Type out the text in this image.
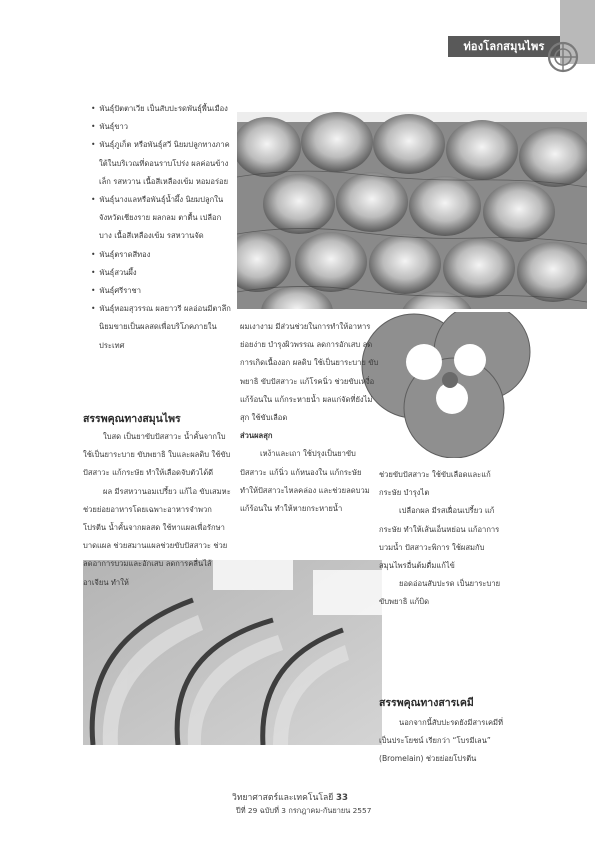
ท่องโลกสมุนไพร

• พันธุ์ปัตตาเวีย เป็นสับปะรดพันธุ์พื้นเมือง

• พันธุ์ขาว

• พันธุ์ภูเก็ต หรือพันธุ์สวี นิยมปลูกทางภาคใต้ในบริเวณที่ดอนราบโปร่ง ผลค่อนข้างเล็ก รสหวาน เนื้อสีเหลืองเข้ม หอมอร่อย

• พันธุ์นางแลหรือพันธุ์น้ำผึ้ง นิยมปลูกในจังหวัดเชียงราย ผลกลม ตาตื้น เปลือกบาง เนื้อสีเหลืองเข้ม รสหวานจัด

• พันธุ์ตราดสีทอง

• พันธุ์สวนผึ้ง

• พันธุ์ศรีราชา

• พันธุ์หอมสุวรรณ ผลยาวรี ผลอ่อนมีตาลึกนิยมขายเป็นผลสดเพื่อบริโภคภายในประเทศ

สรรพคุณทางสมุนไพร

ใบสด เป็นยาขับปัสสาวะ น้ำคั้นจากใบ ใช้เป็นยาระบาย ขับพยาธิ ใบและผลดิบ ใช้ขับปัสสาวะ แก้กระษัย ทำให้เลือดจับตัวได้ดี

ผล มีรสหวานอมเปรี้ยว แก้ไอ ขับเสมหะ ช่วยย่อยอาหารโดยเฉพาะอาหารจำพวกโปรตีน น้ำคั้นจากผลสด ใช้ทาแผลเพื่อรักษาบาดแผล ช่วยสมานแผลช่วยขับปัสสาวะ ช่วยลดอาการบวมและอักเสบ ลดการคลื่นไส้ อาเจียน ทำให้

ผมเงางาม มีส่วนช่วยในการทำให้อาหารย่อยง่าย บำรุงผิวพรรณ ลดการอักเสบ ลดการเกิดเนื้องอก ผลดิบ ใช้เป็นยาระบาย ขับพยาธิ ขับปัสสาวะ แก้โรคนิ่ว ช่วยขับเหงื่อ แก้ร้อนใน แก้กระหายน้ำ ผลแก่จัดที่ยังไม่สุก ใช้ขับเลือด

ส่วนผลสุก

เหง้าและเถา ใช้ปรุงเป็นยาขับปัสสาวะ แก้นิ่ว แก้หนองใน แก้กระษัย ทำให้ปัสสาวะไหลคล่อง และช่วยลดบวม แก้ร้อนใน ทำให้หายกระหายน้ำ

ช่วยขับปัสสาวะ ใช้ขับเลือดและแก้กระษัย บำรุงไต

เปลือกผล มีรสเฝื่อนเปรี้ยว แก้กระษัย ทำให้เส้นเอ็นหย่อน แก้อาการบวมน้ำ ปัสสาวะพิการ ใช้ผสมกับสมุนไพรอื่นต้มดื่มแก้ไข้

ยอดอ่อนสับปะรด เป็นยาระบาย ขับพยาธิ แก้บิด

สรรพคุณทางสารเคมี

นอกจากนี้สับปะรดยังมีสารเคมีที่เป็นประโยชน์ เรียกว่า “โบรมีเลน” (Bromelain) ช่วยย่อยโปรตีน

วิทยาศาสตร์และเทคโนโลยี 33
ปีที่ 29 ฉบับที่ 3 กรกฎาคม-กันยายน 2557
